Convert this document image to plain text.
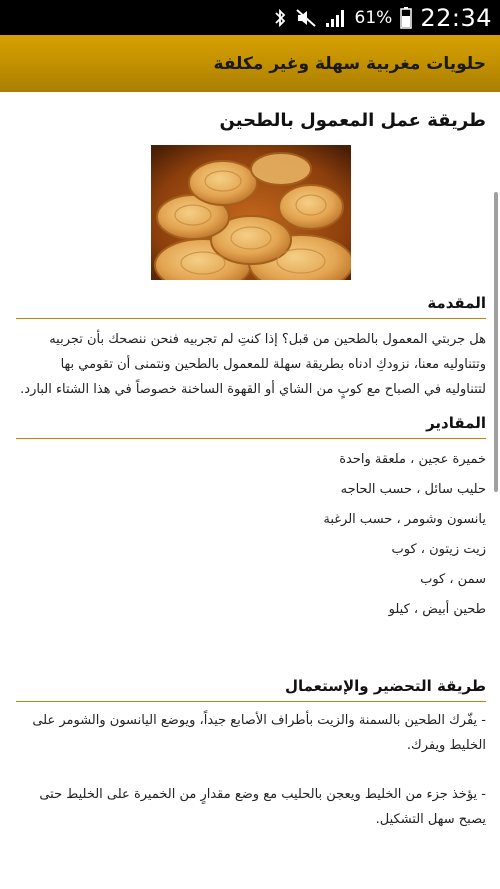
61% 22:34
حلويات مغربية سهلة وغير مكلفة
طريقة عمل المعمول بالطحين
المقدمة

هل جربتي المعمول بالطحين من قبل؟ إذا كنتِ لم تجربيه فنحن ننصحك بأن تجربيه وتتناوليه معنا، نزودكِ ادناه بطريقة سهلة للمعمول بالطحين ونتمنى أن تقومي بها لتتناوليه في الصباح مع كوبٍ من الشاي أو القهوة الساخنة خصوصاً في هذا الشتاء البارد.

المقادير
خميرة عجين ، ملعقة واحدة
حليب سائل ، حسب الحاجه
يانسون وشومر ، حسب الرغبة
زيت زيتون ، كوب
سمن ، كوب
طحين أبيض ، كيلو
طريقة التحضير والإستعمال

- يفّرك الطحين بالسمنة والزيت بأطراف الأصابع جيداً، ويوضع اليانسون والشومر على الخليط ويفرك.

- يؤخذ جزء من الخليط ويعجن بالحليب مع وضع مقدارٍ من الخميرة على الخليط حتى يصبح سهل التشكيل.
